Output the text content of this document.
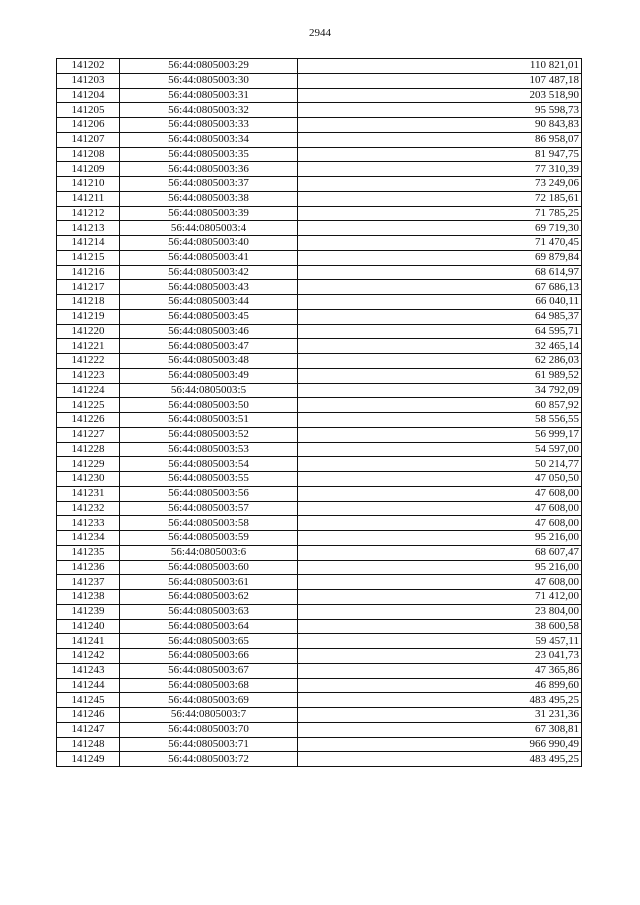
2944
141202	56:44:0805003:29	110 821,01
141203	56:44:0805003:30	107 487,18
141204	56:44:0805003:31	203 518,90
141205	56:44:0805003:32	95 598,73
141206	56:44:0805003:33	90 843,83
141207	56:44:0805003:34	86 958,07
141208	56:44:0805003:35	81 947,75
141209	56:44:0805003:36	77 310,39
141210	56:44:0805003:37	73 249,06
141211	56:44:0805003:38	72 185,61
141212	56:44:0805003:39	71 785,25
141213	56:44:0805003:4	69 719,30
141214	56:44:0805003:40	71 470,45
141215	56:44:0805003:41	69 879,84
141216	56:44:0805003:42	68 614,97
141217	56:44:0805003:43	67 686,13
141218	56:44:0805003:44	66 040,11
141219	56:44:0805003:45	64 985,37
141220	56:44:0805003:46	64 595,71
141221	56:44:0805003:47	32 465,14
141222	56:44:0805003:48	62 286,03
141223	56:44:0805003:49	61 989,52
141224	56:44:0805003:5	34 792,09
141225	56:44:0805003:50	60 857,92
141226	56:44:0805003:51	58 556,55
141227	56:44:0805003:52	56 999,17
141228	56:44:0805003:53	54 597,00
141229	56:44:0805003:54	50 214,77
141230	56:44:0805003:55	47 050,50
141231	56:44:0805003:56	47 608,00
141232	56:44:0805003:57	47 608,00
141233	56:44:0805003:58	47 608,00
141234	56:44:0805003:59	95 216,00
141235	56:44:0805003:6	68 607,47
141236	56:44:0805003:60	95 216,00
141237	56:44:0805003:61	47 608,00
141238	56:44:0805003:62	71 412,00
141239	56:44:0805003:63	23 804,00
141240	56:44:0805003:64	38 600,58
141241	56:44:0805003:65	59 457,11
141242	56:44:0805003:66	23 041,73
141243	56:44:0805003:67	47 365,86
141244	56:44:0805003:68	46 899,60
141245	56:44:0805003:69	483 495,25
141246	56:44:0805003:7	31 231,36
141247	56:44:0805003:70	67 308,81
141248	56:44:0805003:71	966 990,49
141249	56:44:0805003:72	483 495,25
